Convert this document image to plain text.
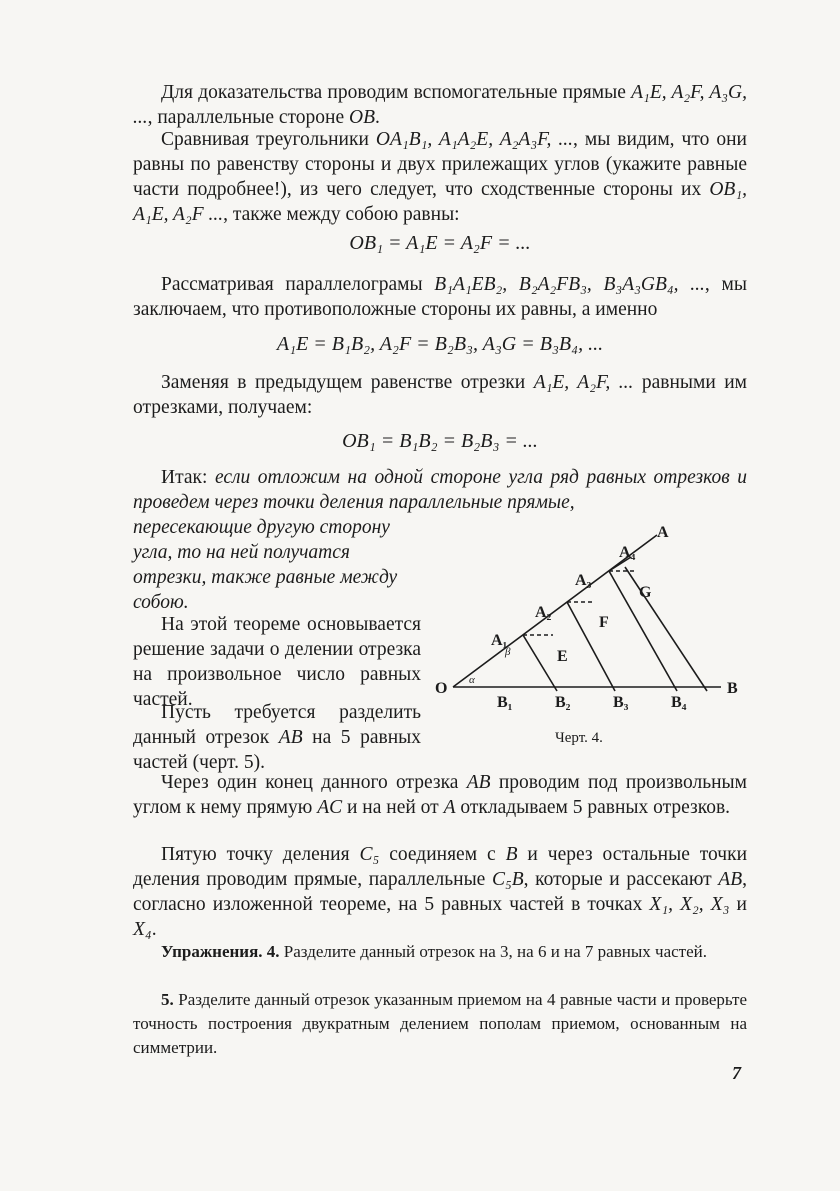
Для доказательства проводим вспомогательные прямые A₁E, A₂F, A₃G, ..., параллельные стороне OB.

Сравнивая треугольники OA₁B₁, A₁A₂E, A₂A₃F, ..., мы видим, что они равны по равенству стороны и двух прилежащих углов (укажите равные части подробнее!), из чего следует, что сходственные стороны их OB₁, A₁E, A₂F ..., также между собою равны:

OB₁ = A₁E = A₂F = ...

Рассматривая параллелограмы B₁A₁EB₂, B₂A₂FB₃, B₃A₃GB₄, ..., мы заключаем, что противоположные стороны их равны, а именно

A₁E = B₁B₂, A₂F = B₂B₃, A₃G = B₃B₄, ...

Заменяя в предыдущем равенстве отрезки A₁E, A₂F, ... равными им отрезками, получаем:

OB₁ = B₁B₂ = B₂B₃ = ...

Итак: если отложим на одной стороне угла ряд равных отрезков и проведем через точки деления параллельные прямые,

пересекающие другую сторону угла, то на ней получатся отрезки, также равные между собою.

На этой теореме основывается решение задачи о делении отрезка на произвольное число равных частей.

Пусть требуется разделить данный отрезок AB на 5 равных частей (черт. 5).

O	B
A
A₁
A₂
A₃
A₄
B₁	B₂	B₃	B₄
E
F
G
α
β
Черт. 4.

Через один конец данного отрезка AB проводим под произвольным углом к нему прямую AC и на ней от A откладываем 5 равных отрезков.

Пятую точку деления C₅ соединяем с B и через остальные точки деления проводим прямые, параллельные C₅B, которые и рассекают AB, согласно изложенной теореме, на 5 равных частей в точках X₁, X₂, X₃ и X₄.

Упражнения. 4. Разделите данный отрезок на 3, на 6 и на 7 равных частей.

5. Разделите данный отрезок указанным приемом на 4 равные части и проверьте точность построения двукратным делением пополам приемом, основанным на симметрии.

7
